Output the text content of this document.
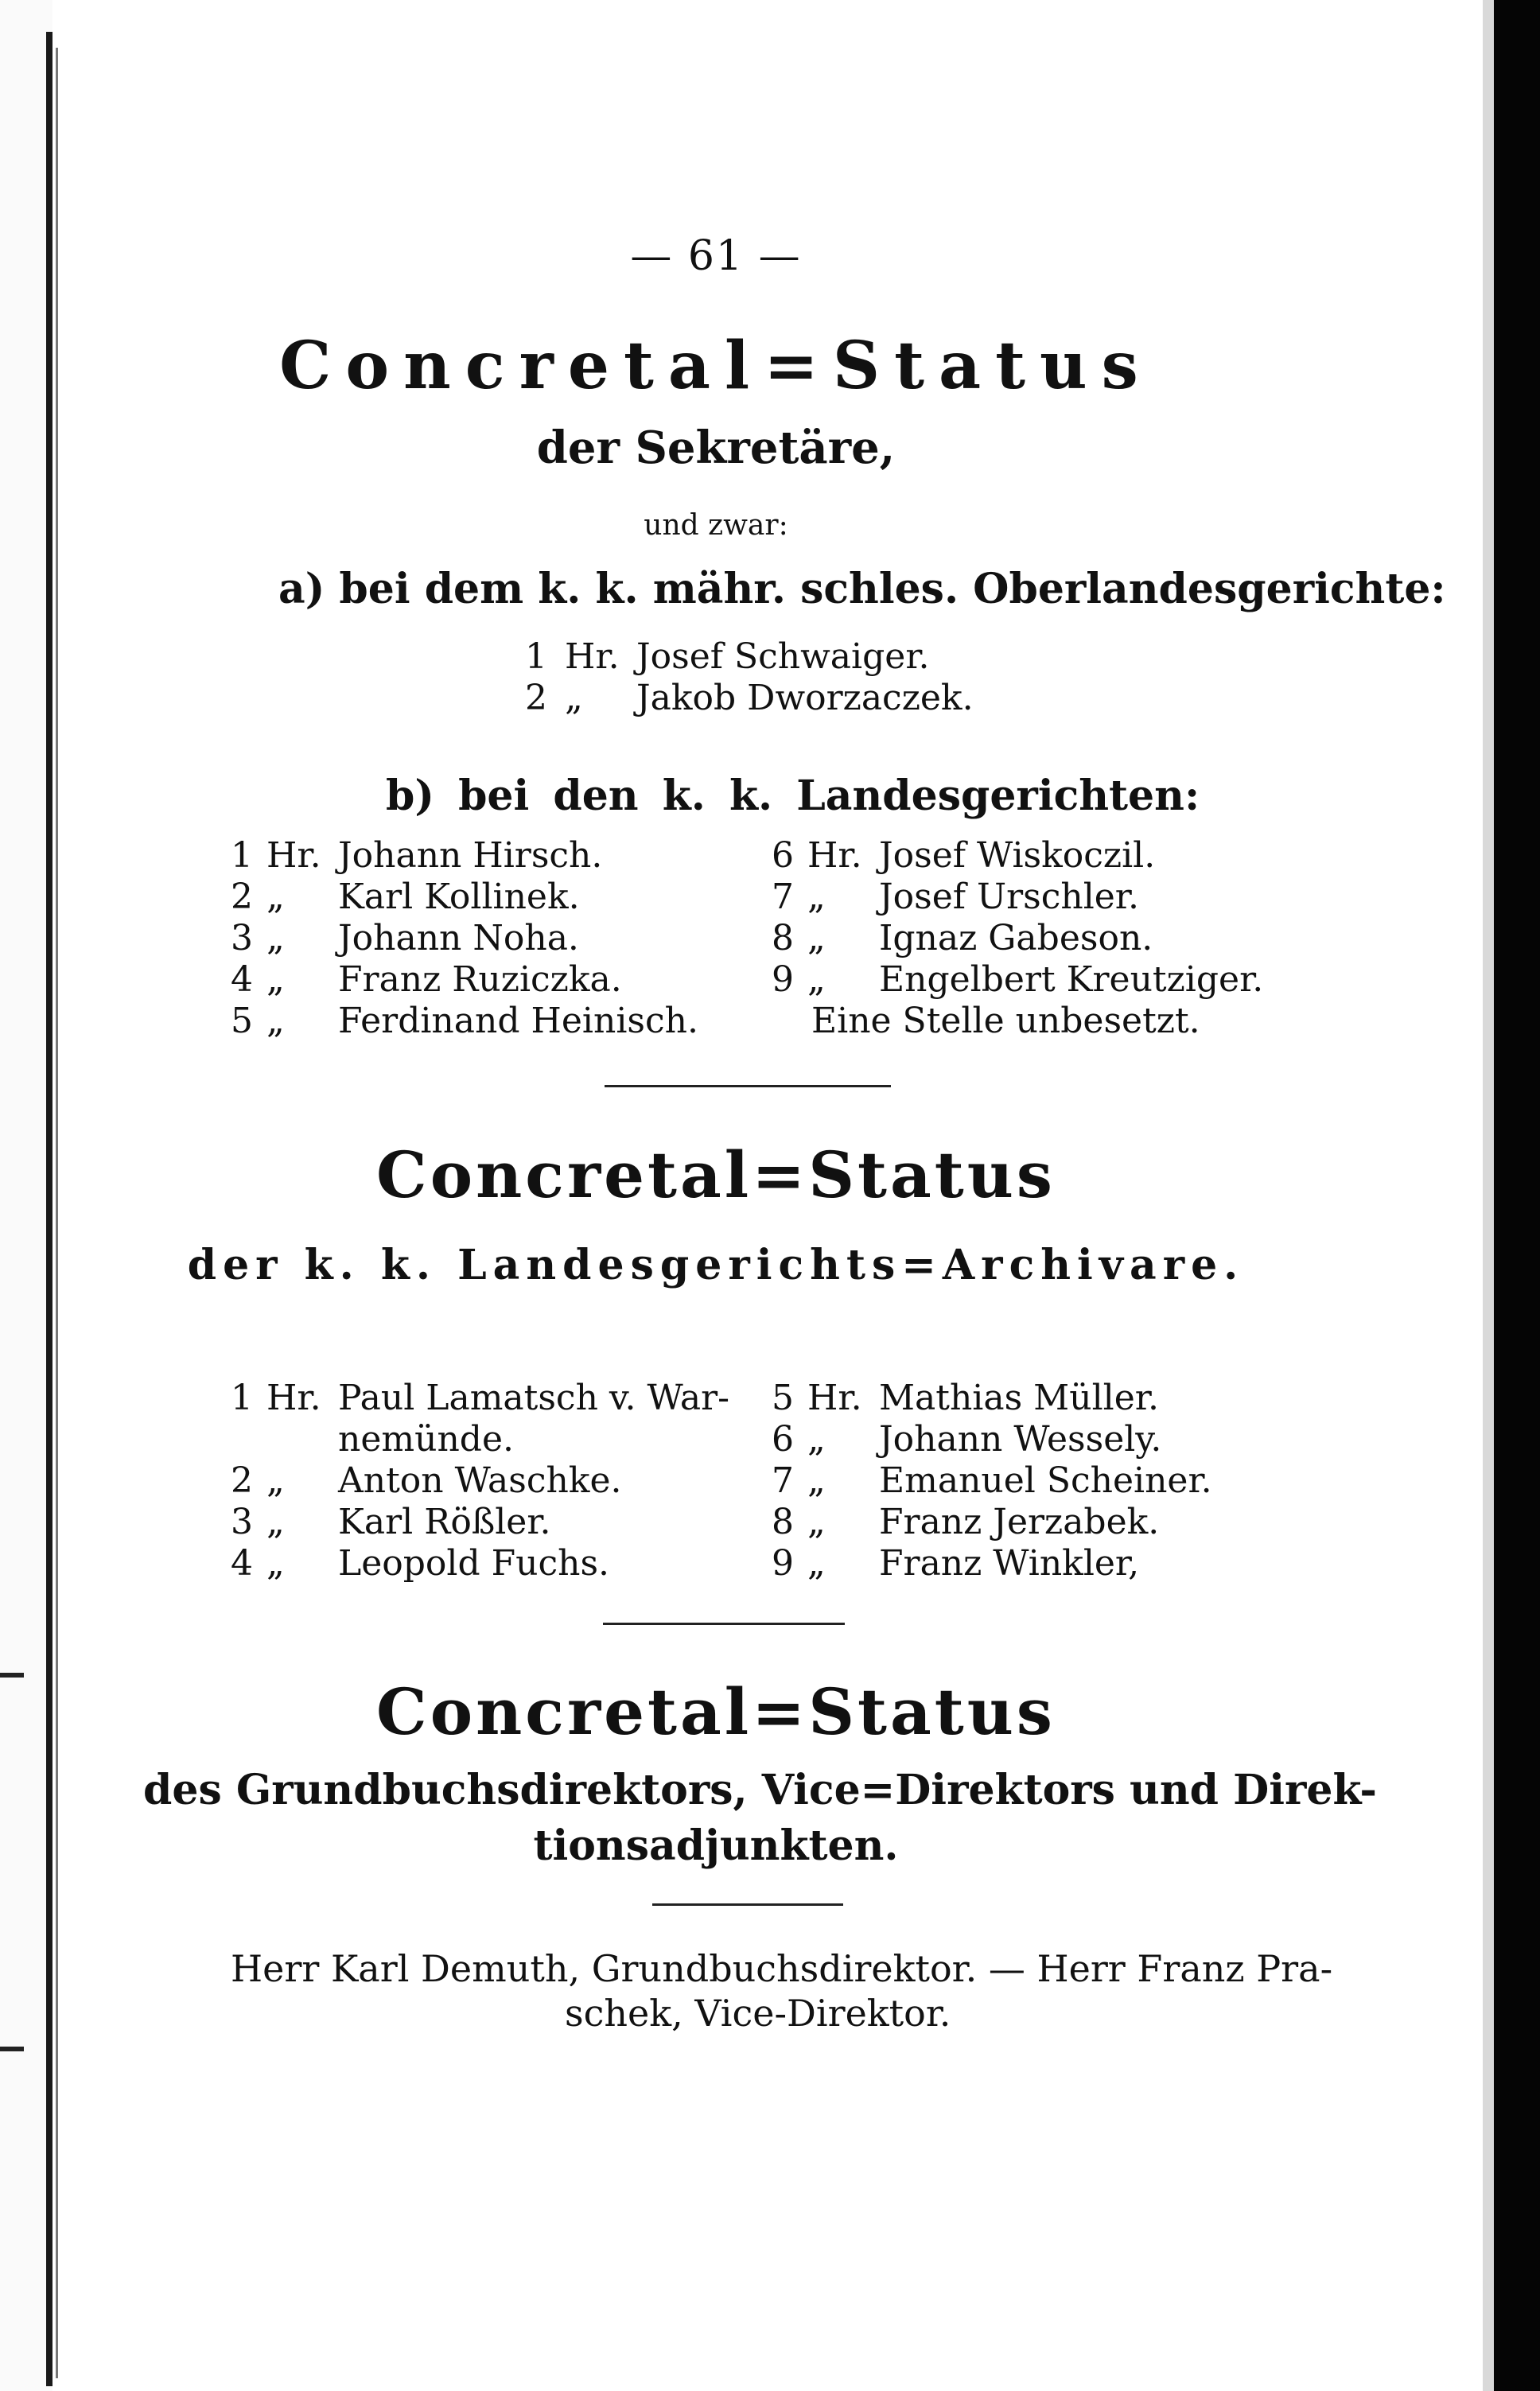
— 61 —
Concretal=Status
der Sekretäre,
und zwar:
a) bei dem k. k. mähr. schles. Oberlandesgerichte:
1 Hr. Josef Schwaiger.
2 „ Jakob Dworzaczek.
b) bei den k. k. Landesgerichten:
1 Hr. Johann Hirsch.
2 „ Karl Kollinek.
3 „ Johann Noha.
4 „ Franz Ruziczka.
5 „ Ferdinand Heinisch.
6 Hr. Josef Wiskoczil.
7 „ Josef Urschler.
8 „ Ignaz Gabeson.
9 „ Engelbert Kreutziger.
Eine Stelle unbesetzt.
Concretal=Status
der k. k. Landesgerichts=Archivare.
1 Hr. Paul Lamatsch v. War-
nemünde.
2 „ Anton Waschke.
3 „ Karl Rößler.
4 „ Leopold Fuchs.
5 Hr. Mathias Müller.
6 „ Johann Wessely.
7 „ Emanuel Scheiner.
8 „ Franz Jerzabek.
9 „ Franz Winkler,
Concretal=Status
des Grundbuchsdirektors, Vice=Direktors und Direk-
tionsadjunkten.
Herr Karl Demuth, Grundbuchsdirektor. — Herr Franz Pra-
schek, Vice-Direktor.
